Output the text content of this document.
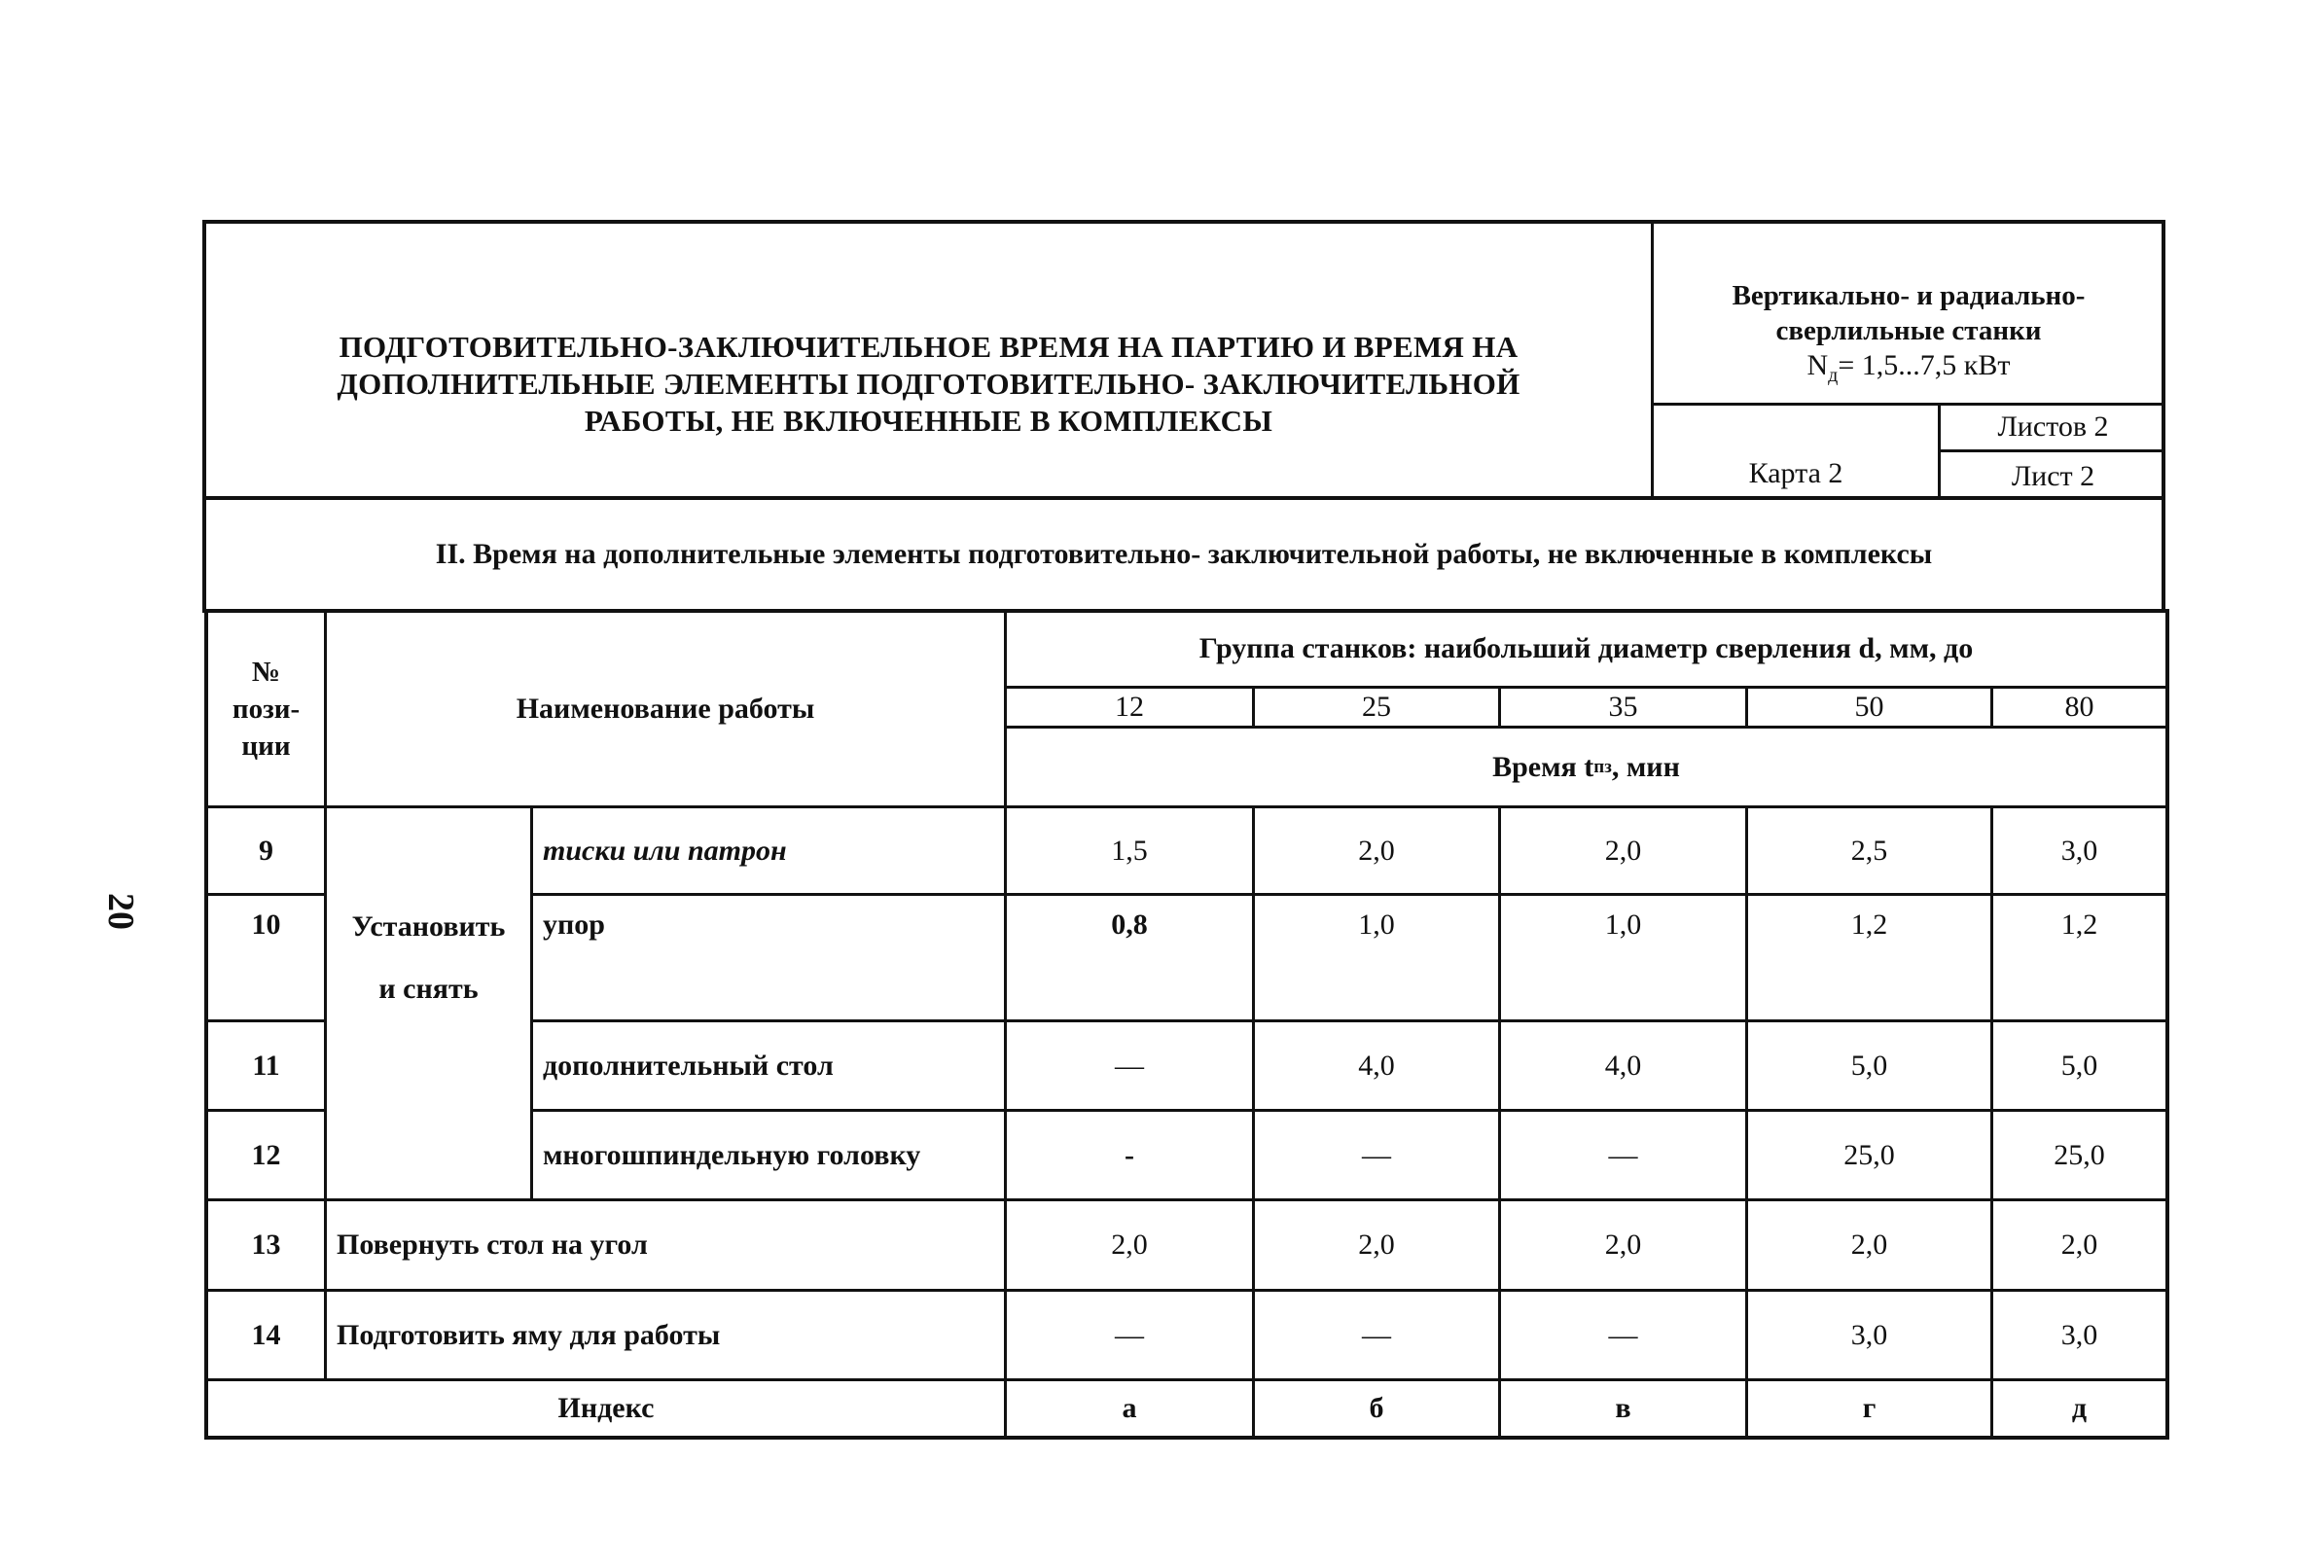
20
ПОДГОТОВИТЕЛЬНО-ЗАКЛЮЧИТЕЛЬНОЕ ВРЕМЯ НА ПАРТИЮ И ВРЕМЯ НА
ДОПОЛНИТЕЛЬНЫЕ ЭЛЕМЕНТЫ ПОДГОТОВИТЕЛЬНО- ЗАКЛЮЧИТЕЛЬНОЙ
РАБОТЫ, НЕ ВКЛЮЧЕННЫЕ В КОМПЛЕКСЫ
Вертикально- и радиально-
сверлильные станки
$N_д= 1,5...7,5$ кВт
Листов 2
Карта 2	Лист 2
II. Время на дополнительные элементы подготовительно- заключительной работы, не включенные в комплексы
№
пози-
ции
Наименование работы
Группа станков: наибольший диаметр сверления d, мм, до
12	25	35	50	80
Время t пз , мин
Установить
и снять
9	тиски или патрон	1,5	2,0	2,0	2,5	3,0
10	упор	0,8	1,0	1,0	1,2	1,2
11	дополнительный стол	—	4,0	4,0	5,0	5,0
12	многошпиндельную головку	-	—	—	25,0	25,0
13	Повернуть стол на угол	2,0	2,0	2,0	2,0	2,0
14	Подготовить яму для работы	—	—	—	3,0	3,0
Индекс	а	б	в	г	д
